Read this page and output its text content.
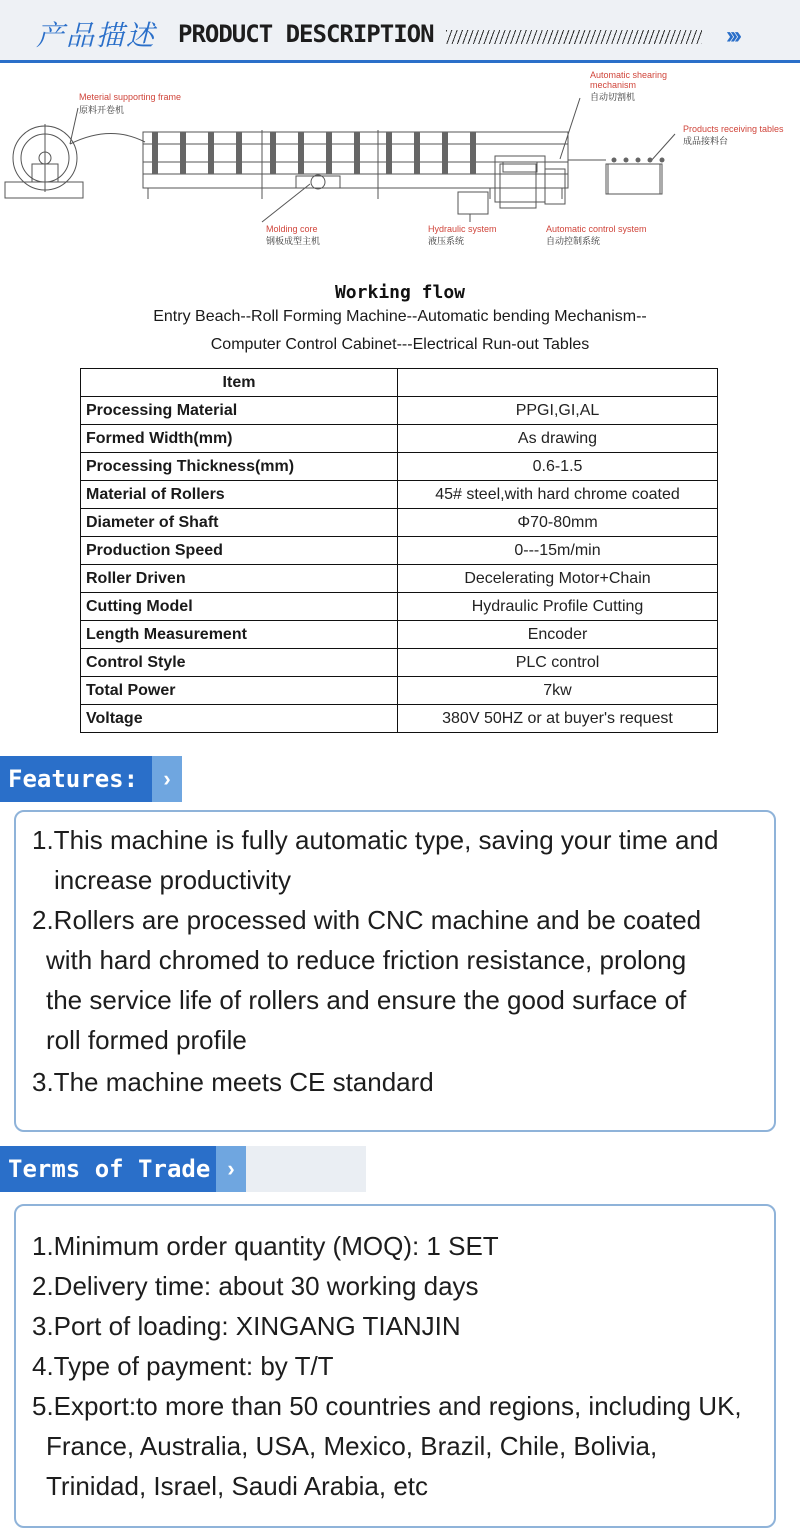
产品描述 PRODUCT DESCRIPTION	›››
Meterial supporting frame
原料开卷机
Automatic shearing
mechanism
自动切割机
Products receiving tables
成品接料台
Molding core
钢板成型主机
Hydraulic system
液压系统
Automatic control system
自动控制系统
Working flow
Entry Beach--Roll Forming Machine--Automatic bending Mechanism--
Computer Control Cabinet---Electrical Run-out Tables
Item	
Processing Material	PPGI,GI,AL
Formed Width(mm)	As drawing
Processing Thickness(mm)	0.6-1.5
Material of Rollers	45# steel,with hard chrome coated
Diameter of Shaft	Φ70-80mm
Production Speed	0---15m/min
Roller Driven	Decelerating Motor+Chain
Cutting Model	Hydraulic Profile Cutting
Length Measurement	Encoder
Control Style	PLC control
Total Power	7kw
Voltage	380V 50HZ or at buyer's request
Features:	›

1.This machine is fully automatic type, saving your time and

increase productivity

2.Rollers are processed with CNC machine and be coated

with hard chromed to reduce friction resistance, prolong

the service life of rollers and ensure the good surface of

roll formed profile

3.The machine meets CE standard

Terms of Trade ›

1.Minimum order quantity (MOQ): 1 SET

2.Delivery time: about 30 working days

3.Port of loading: XINGANG TIANJIN

4.Type of payment: by T/T

5.Export:to more than 50 countries and regions, including UK,

France, Australia, USA, Mexico, Brazil, Chile, Bolivia,

Trinidad, Israel, Saudi Arabia, etc
